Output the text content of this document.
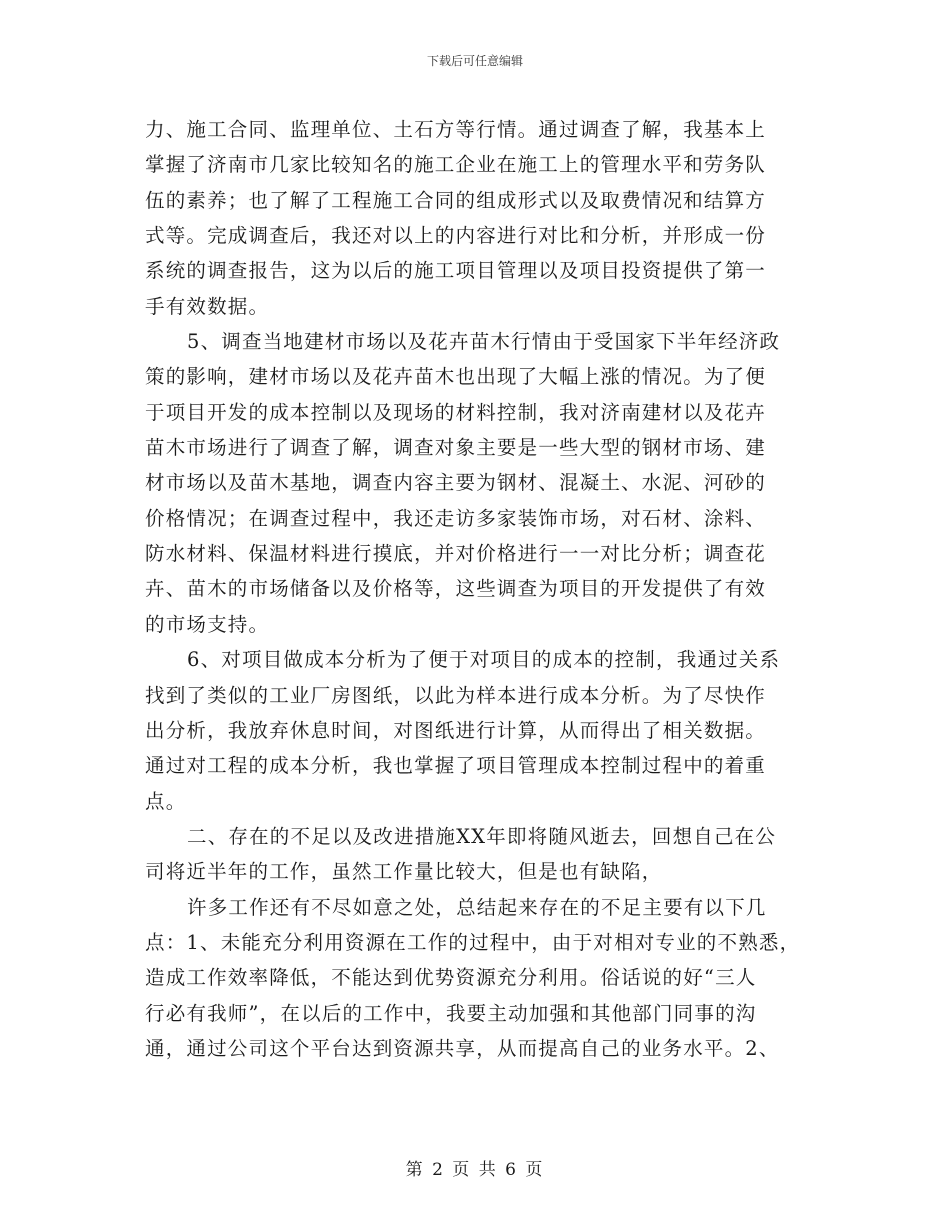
下载后可任意编辑
力、施工合同、监理单位、土石方等行情。通过调查了解，我基本上
掌握了济南市几家比较知名的施工企业在施工上的管理水平和劳务队
伍的素养；也了解了工程施工合同的组成形式以及取费情况和结算方
式等。完成调查后，我还对以上的内容进行对比和分析，并形成一份
系统的调查报告，这为以后的施工项目管理以及项目投资提供了第一
手有效数据。
5、调查当地建材市场以及花卉苗木行情由于受国家下半年经济政
策的影响，建材市场以及花卉苗木也出现了大幅上涨的情况。为了便
于项目开发的成本控制以及现场的材料控制，我对济南建材以及花卉
苗木市场进行了调查了解，调查对象主要是一些大型的钢材市场、建
材市场以及苗木基地，调查内容主要为钢材、混凝土、水泥、河砂的
价格情况；在调查过程中，我还走访多家装饰市场，对石材、涂料、
防水材料、保温材料进行摸底，并对价格进行一一对比分析；调查花
卉、苗木的市场储备以及价格等，这些调查为项目的开发提供了有效
的市场支持。
6、对项目做成本分析为了便于对项目的成本的控制，我通过关系
找到了类似的工业厂房图纸，以此为样本进行成本分析。为了尽快作
出分析，我放弃休息时间，对图纸进行计算，从而得出了相关数据。
通过对工程的成本分析，我也掌握了项目管理成本控制过程中的着重
点。
二、存在的不足以及改进措施XX年即将随风逝去，回想自己在公
司将近半年的工作，虽然工作量比较大，但是也有缺陷，
许多工作还有不尽如意之处，总结起来存在的不足主要有以下几
点：1、未能充分利用资源在工作的过程中，由于对相对专业的不熟悉，
造成工作效率降低，不能达到优势资源充分利用。俗话说的好“三人
行必有我师”，在以后的工作中，我要主动加强和其他部门同事的沟
通，通过公司这个平台达到资源共享，从而提高自己的业务水平。2、
第 2 页 共 6 页
